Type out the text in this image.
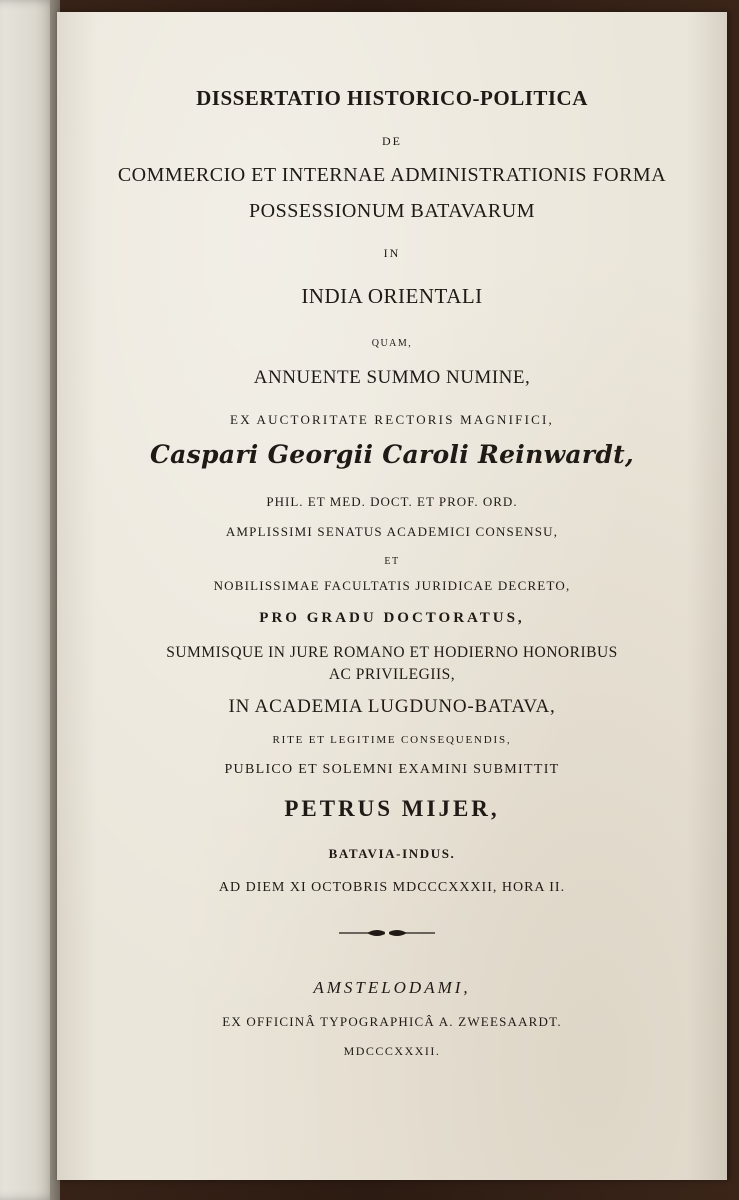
DISSERTATIO HISTORICO-POLITICA
DE
COMMERCIO ET INTERNAE ADMINISTRATIONIS FORMA
POSSESSIONUM BATAVARUM
IN
INDIA ORIENTALI
QUAM,
ANNUENTE SUMMO NUMINE,
EX AUCTORITATE RECTORIS MAGNIFICI,
Caspari Georgii Caroli Reinwardt,
PHIL. ET MED. DOCT. ET PROF. ORD.
AMPLISSIMI SENATUS ACADEMICI CONSENSU,
ET
NOBILISSIMAE FACULTATIS JURIDICAE DECRETO,
PRO GRADU DOCTORATUS,
SUMMISQUE IN JURE ROMANO ET HODIERNO HONORIBUS
AC PRIVILEGIIS,
IN ACADEMIA LUGDUNO-BATAVA,
RITE ET LEGITIME CONSEQUENDIS,
PUBLICO ET SOLEMNI EXAMINI SUBMITTIT
PETRUS MIJER,
BATAVIA-INDUS.
AD DIEM XI OCTOBRIS MDCCCXXXII, HORA II.
AMSTELODAMI,
EX OFFICINÂ TYPOGRAPHICÂ A. ZWEESAARDT.
MDCCCXXXII.
